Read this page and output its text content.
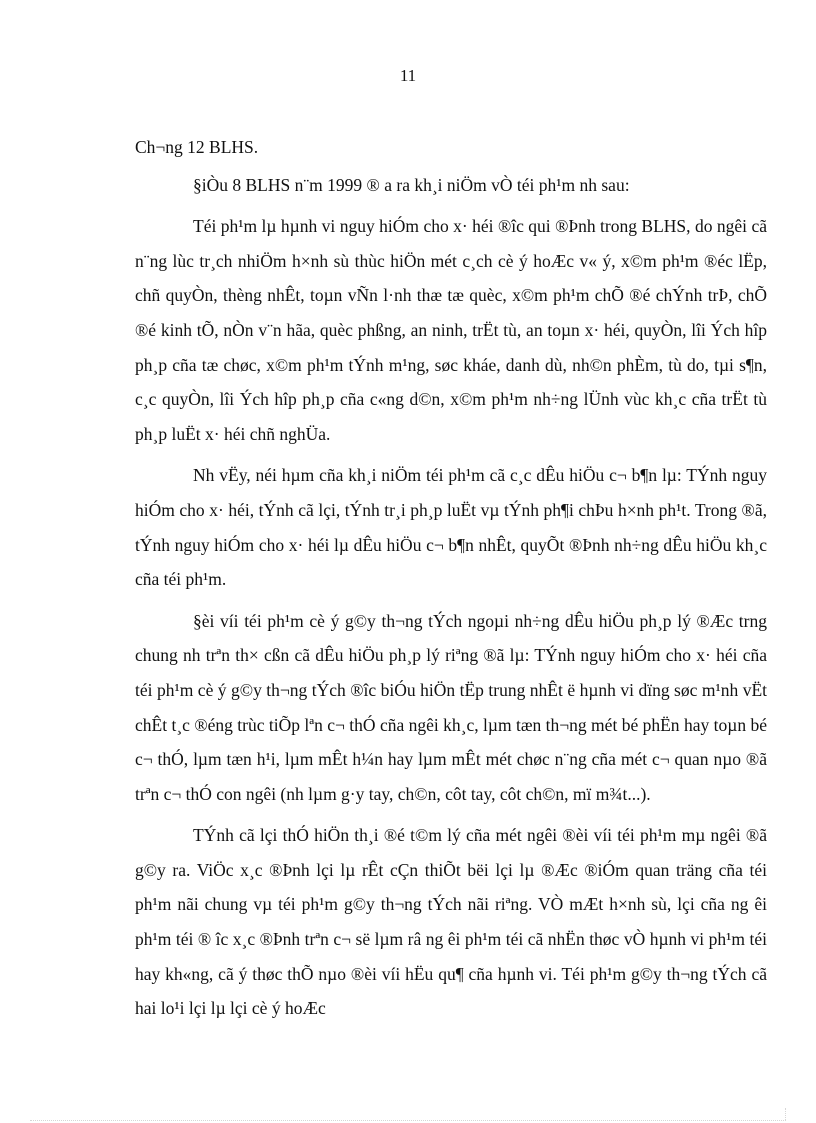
11

Ch¬ng 12 BLHS.

§iÒu 8 BLHS n¨m 1999 ® a ra kh¸i niÖm vÒ téi ph¹m nh sau:

Téi ph¹m lµ hµnh vi nguy hiÓm cho x· héi ®îc qui ®Þnh trong BLHS, do ngêi cã n¨ng lùc tr¸ch nhiÖm h×nh sù thùc hiÖn mét c¸ch cè ý hoÆc v« ý, x©m ph¹m ®éc lËp, chñ quyÒn, thèng nhÊt, toµn vÑn l·nh thæ tæ quèc, x©m ph¹m chÕ ®é chÝnh trÞ, chÕ ®é kinh tÕ, nÒn v¨n hãa, quèc phßng, an ninh, trËt tù, an toµn x· héi, quyÒn, lîi Ých hîp ph¸p cña tæ chøc, x©m ph¹m tÝnh m¹ng, søc kháe, danh dù, nh©n phÈm, tù do, tµi s¶n, c¸c quyÒn, lîi Ých hîp ph¸p cña c«ng d©n, x©m ph¹m nh÷ng lÜnh vùc kh¸c cña trËt tù ph¸p luËt x· héi chñ nghÜa.

Nh vËy, néi hµm cña kh¸i niÖm téi ph¹m cã c¸c dÊu hiÖu c¬ b¶n lµ: TÝnh nguy hiÓm cho x· héi, tÝnh cã lçi, tÝnh tr¸i ph¸p luËt vµ tÝnh ph¶i chÞu h×nh ph¹t. Trong ®ã, tÝnh nguy hiÓm cho x· héi lµ dÊu hiÖu c¬ b¶n nhÊt, quyÕt ®Þnh nh÷ng dÊu hiÖu kh¸c cña téi ph¹m.

§èi víi téi ph¹m cè ý g©y th¬ng tÝch ngoµi nh÷ng dÊu hiÖu ph¸p lý ®Æc trng chung nh trªn th× cßn cã dÊu hiÖu ph¸p lý riªng ®ã lµ: TÝnh nguy hiÓm cho x· héi cña téi ph¹m cè ý g©y th¬ng tÝch ®îc biÓu hiÖn tËp trung nhÊt ë hµnh vi dïng søc m¹nh vËt chÊt t¸c ®éng trùc tiÕp lªn c¬ thÓ cña ngêi kh¸c, lµm tæn th¬ng mét bé phËn hay toµn bé c¬ thÓ, lµm tæn h¹i, lµm mÊt h¼n hay lµm mÊt mét chøc n¨ng cña mét c¬ quan nµo ®ã trªn c¬ thÓ con ngêi (nh lµm g·y tay, ch©n, côt tay, côt ch©n, mï m¾t...).

TÝnh cã lçi thÓ hiÖn th¸i ®é t©m lý cña mét ngêi ®èi víi téi ph¹m mµ ngêi ®ã g©y ra. ViÖc x¸c ®Þnh lçi lµ rÊt cÇn thiÕt bëi lçi lµ ®Æc ®iÓm quan träng cña téi ph¹m nãi chung vµ téi ph¹m g©y th¬ng tÝch nãi riªng. VÒ mÆt h×nh sù, lçi cña ng êi ph¹m téi ® îc x¸c ®Þnh trªn c¬ së lµm râ ng êi ph¹m téi cã nhËn thøc vÒ hµnh vi ph¹m téi hay kh«ng, cã ý thøc thÕ nµo ®èi víi hËu qu¶ cña hµnh vi. Téi ph¹m g©y th¬ng tÝch cã hai lo¹i lçi lµ lçi cè ý hoÆc
